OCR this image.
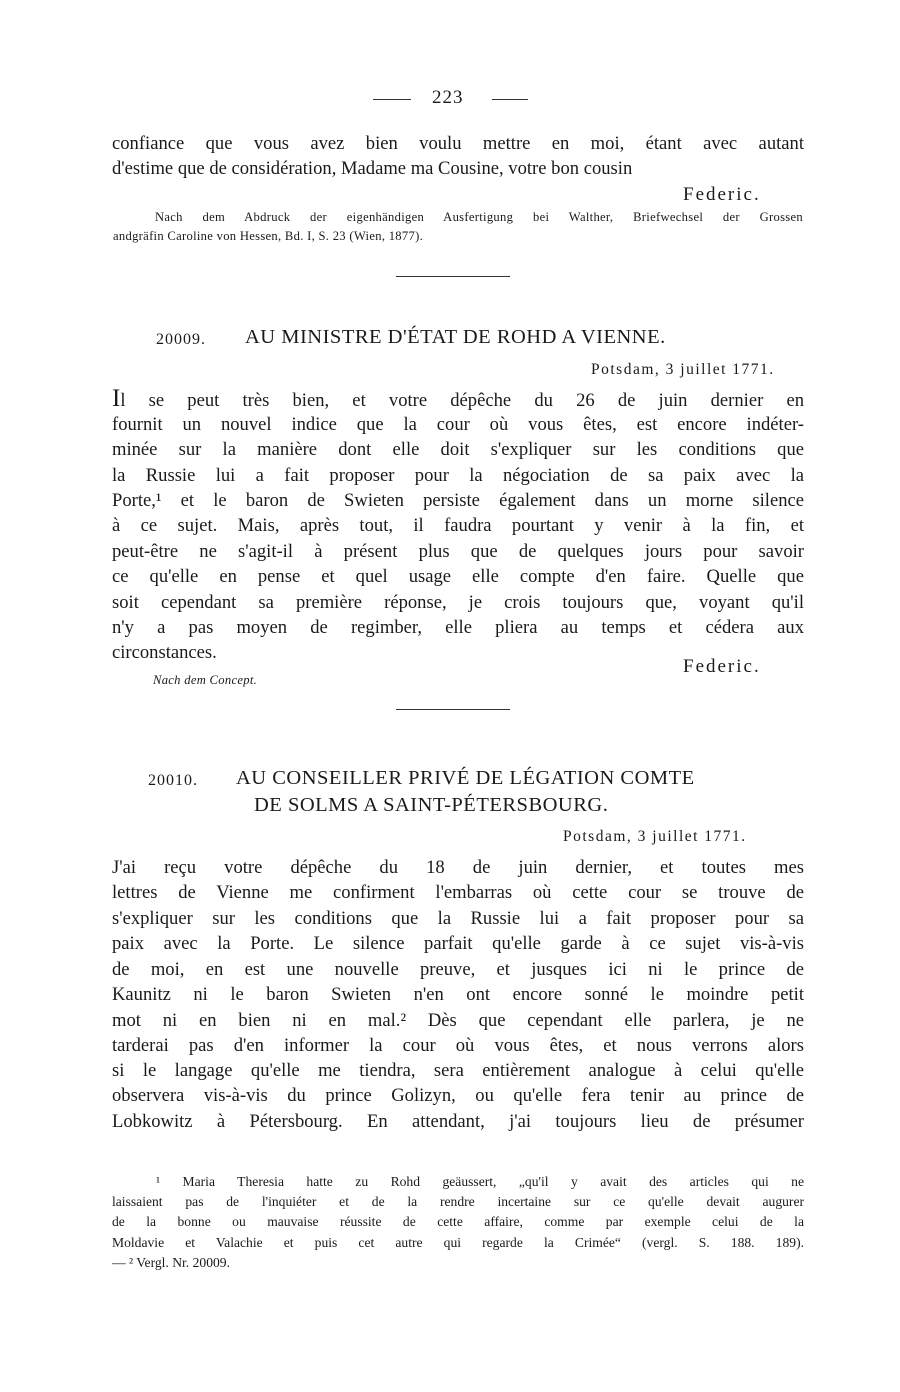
223
confiance que vous avez bien voulu mettre en moi, étant avec autant
d'estime que de considération, Madame ma Cousine, votre bon cousin
Federic.
Nach dem Abdruck der eigenhändigen Ausfertigung bei Walther, Briefwechsel der Grossen
andgräfin Caroline von Hessen, Bd. I, S. 23 (Wien, 1877).
20009. AU MINISTRE D'ÉTAT DE ROHD A VIENNE.
Potsdam, 3 juillet 1771.
Il se peut très bien, et votre dépêche du 26 de juin dernier en
fournit un nouvel indice que la cour où vous êtes, est encore indéter-
minée sur la manière dont elle doit s'expliquer sur les conditions que
la Russie lui a fait proposer pour la négociation de sa paix avec la
Porte,¹ et le baron de Swieten persiste également dans un morne silence
à ce sujet. Mais, après tout, il faudra pourtant y venir à la fin, et
peut-être ne s'agit-il à présent plus que de quelques jours pour savoir
ce qu'elle en pense et quel usage elle compte d'en faire. Quelle que
soit cependant sa première réponse, je crois toujours que, voyant qu'il
n'y a pas moyen de regimber, elle pliera au temps et cédera aux
circonstances.
Federic.
Nach dem Concept.
20010. AU CONSEILLER PRIVÉ DE LÉGATION COMTE
DE SOLMS A SAINT-PÉTERSBOURG.
Potsdam, 3 juillet 1771.
J'ai reçu votre dépêche du 18 de juin dernier, et toutes mes
lettres de Vienne me confirment l'embarras où cette cour se trouve de
s'expliquer sur les conditions que la Russie lui a fait proposer pour sa
paix avec la Porte. Le silence parfait qu'elle garde à ce sujet vis-à-vis
de moi, en est une nouvelle preuve, et jusques ici ni le prince de
Kaunitz ni le baron Swieten n'en ont encore sonné le moindre petit
mot ni en bien ni en mal.² Dès que cependant elle parlera, je ne
tarderai pas d'en informer la cour où vous êtes, et nous verrons alors
si le langage qu'elle me tiendra, sera entièrement analogue à celui qu'elle
observera vis-à-vis du prince Golizyn, ou qu'elle fera tenir au prince de
Lobkowitz à Pétersbourg. En attendant, j'ai toujours lieu de présumer
¹ Maria Theresia hatte zu Rohd geäussert, „qu'il y avait des articles qui ne
laissaient pas de l'inquiéter et de la rendre incertaine sur ce qu'elle devait augurer
de la bonne ou mauvaise réussite de cette affaire, comme par exemple celui de la
Moldavie et Valachie et puis cet autre qui regarde la Crimée“ (vergl. S. 188. 189).
— ² Vergl. Nr. 20009.
